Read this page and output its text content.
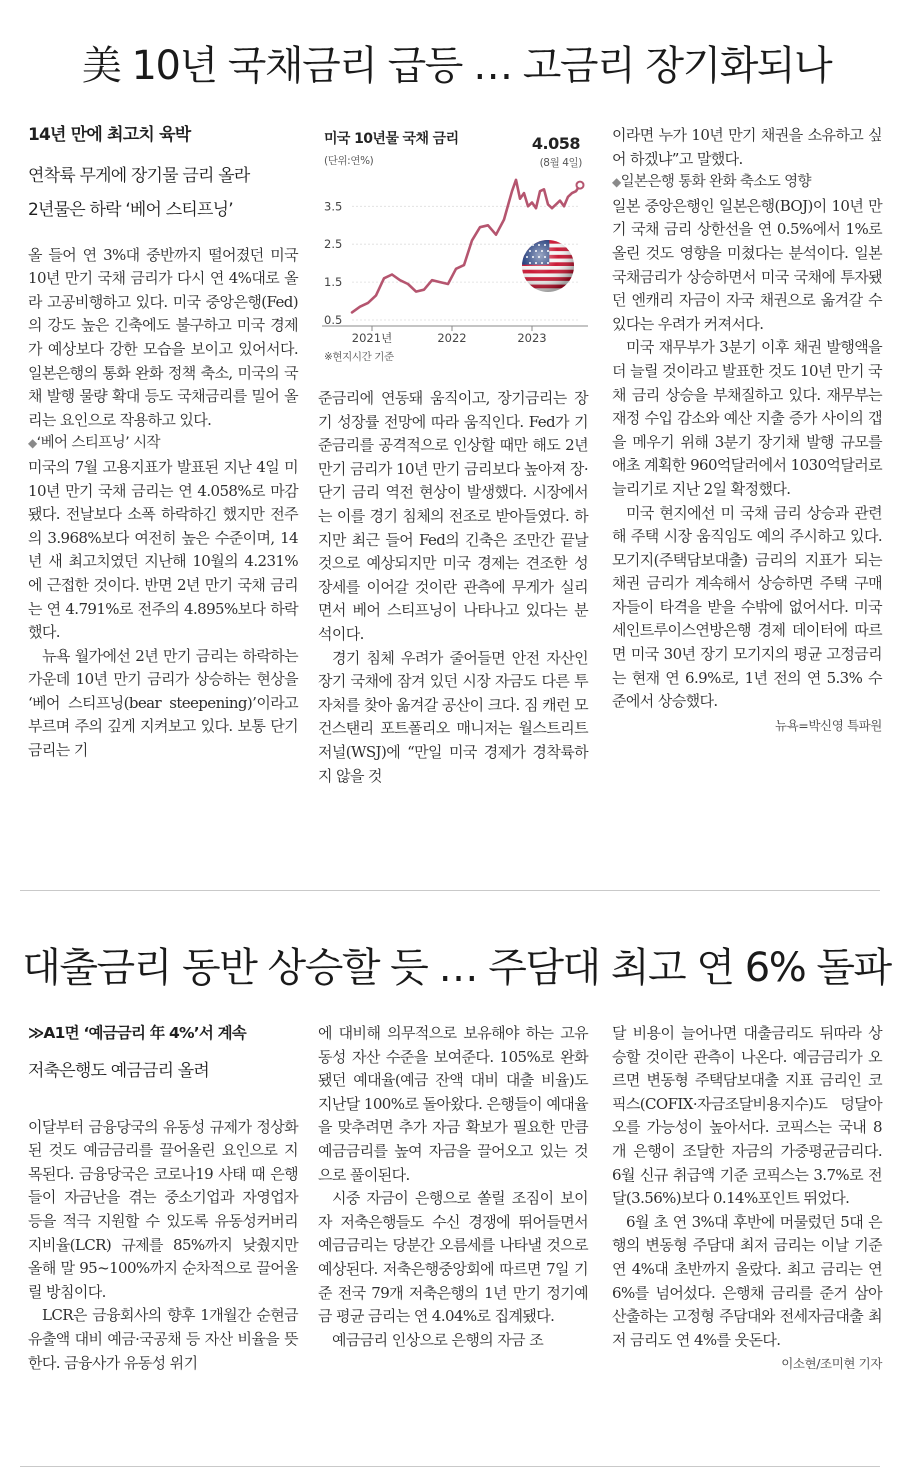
美 10년 국채금리 급등 … 고금리 장기화되나

14년 만에 최고치 육박

연착륙 무게에 장기물 금리 올라

2년물은 하락 ‘베어 스티프닝’

올 들어 연 3%대 중반까지 떨어졌던 미국 10년 만기 국채 금리가 다시 연 4%대로 올라 고공비행하고 있다. 미국 중앙은행(Fed)의 강도 높은 긴축에도 불구하고 미국 경제가 예상보다 강한 모습을 보이고 있어서다. 일본은행의 통화 완화 정책 축소, 미국의 국채 발행 물량 확대 등도 국채금리를 밀어 올리는 요인으로 작용하고 있다.

◆‘베어 스티프닝’ 시작

미국의 7월 고용지표가 발표된 지난 4일 미 10년 만기 국채 금리는 연 4.058%로 마감됐다. 전날보다 소폭 하락하긴 했지만 전주의 3.968%보다 여전히 높은 수준이며, 14년 새 최고치였던 지난해 10월의 4.231%에 근접한 것이다. 반면 2년 만기 국채 금리는 연 4.791%로 전주의 4.895%보다 하락했다.

뉴욕 월가에선 2년 만기 금리는 하락하는 가운데 10년 만기 금리가 상승하는 현상을 ‘베어 스티프닝(bear steepening)’이라고 부르며 주의 깊게 지켜보고 있다. 보통 단기금리는 기

0.5
1.5
2.5
3.5
2021년	2022	2023
미국 10년물 국채 금리
(단위:연%)
4.058
(8월 4일)
※현지시간 기준

준금리에 연동돼 움직이고, 장기금리는 장기 성장률 전망에 따라 움직인다. Fed가 기준금리를 공격적으로 인상할 때만 해도 2년 만기 금리가 10년 만기 금리보다 높아져 장·단기 금리 역전 현상이 발생했다. 시장에서는 이를 경기 침체의 전조로 받아들였다. 하지만 최근 들어 Fed의 긴축은 조만간 끝날 것으로 예상되지만 미국 경제는 견조한 성장세를 이어갈 것이란 관측에 무게가 실리면서 베어 스티프닝이 나타나고 있다는 분석이다.

경기 침체 우려가 줄어들면 안전 자산인 장기 국채에 잠겨 있던 시장 자금도 다른 투자처를 찾아 옮겨갈 공산이 크다. 짐 캐런 모건스탠리 포트폴리오 매니저는 월스트리트저널(WSJ)에 “만일 미국 경제가 경착륙하지 않을 것

이라면 누가 10년 만기 채권을 소유하고 싶어 하겠냐”고 말했다.

◆일본은행 통화 완화 축소도 영향

일본 중앙은행인 일본은행(BOJ)이 10년 만기 국채 금리 상한선을 연 0.5%에서 1%로 올린 것도 영향을 미쳤다는 분석이다. 일본 국채금리가 상승하면서 미국 국채에 투자됐던 엔캐리 자금이 자국 채권으로 옮겨갈 수 있다는 우려가 커져서다.

미국 재무부가 3분기 이후 채권 발행액을 더 늘릴 것이라고 발표한 것도 10년 만기 국채 금리 상승을 부채질하고 있다. 재무부는 재정 수입 감소와 예산 지출 증가 사이의 갭을 메우기 위해 3분기 장기채 발행 규모를 애초 계획한 960억달러에서 1030억달러로 늘리기로 지난 2일 확정했다.

미국 현지에선 미 국채 금리 상승과 관련해 주택 시장 움직임도 예의 주시하고 있다. 모기지(주택담보대출) 금리의 지표가 되는 채권 금리가 계속해서 상승하면 주택 구매자들이 타격을 받을 수밖에 없어서다. 미국 세인트루이스연방은행 경제 데이터에 따르면 미국 30년 장기 모기지의 평균 고정금리는 현재 연 6.9%로, 1년 전의 연 5.3% 수준에서 상승했다.

뉴욕=박신영 특파원
대출금리 동반 상승할 듯 … 주담대 최고 연 6% 돌파

≫A1면 ‘예금금리 年 4%’서 계속

저축은행도 예금금리 올려

이달부터 금융당국의 유동성 규제가 정상화된 것도 예금금리를 끌어올린 요인으로 지목된다. 금융당국은 코로나19 사태 때 은행들이 자금난을 겪는 중소기업과 자영업자 등을 적극 지원할 수 있도록 유동성커버리지비율(LCR) 규제를 85%까지 낮췄지만 올해 말 95~100%까지 순차적으로 끌어올릴 방침이다.

LCR은 금융회사의 향후 1개월간 순현금유출액 대비 예금·국공채 등 자산 비율을 뜻한다. 금융사가 유동성 위기

에 대비해 의무적으로 보유해야 하는 고유동성 자산 수준을 보여준다. 105%로 완화됐던 예대율(예금 잔액 대비 대출 비율)도 지난달 100%로 돌아왔다. 은행들이 예대율을 맞추려면 추가 자금 확보가 필요한 만큼 예금금리를 높여 자금을 끌어오고 있는 것으로 풀이된다.

시중 자금이 은행으로 쏠릴 조짐이 보이자 저축은행들도 수신 경쟁에 뛰어들면서 예금금리는 당분간 오름세를 나타낼 것으로 예상된다. 저축은행중앙회에 따르면 7일 기준 전국 79개 저축은행의 1년 만기 정기예금 평균 금리는 연 4.04%로 집계됐다.

예금금리 인상으로 은행의 자금 조

달 비용이 늘어나면 대출금리도 뒤따라 상승할 것이란 관측이 나온다. 예금금리가 오르면 변동형 주택담보대출 지표 금리인 코픽스(COFIX·자금조달비용지수)도 덩달아 오를 가능성이 높아서다. 코픽스는 국내 8개 은행이 조달한 자금의 가중평균금리다. 6월 신규 취급액 기준 코픽스는 3.7%로 전달(3.56%)보다 0.14%포인트 뛰었다.

6월 초 연 3%대 후반에 머물렀던 5대 은행의 변동형 주담대 최저 금리는 이날 기준 연 4%대 초반까지 올랐다. 최고 금리는 연 6%를 넘어섰다. 은행채 금리를 준거 삼아 산출하는 고정형 주담대와 전세자금대출 최저 금리도 연 4%를 웃돈다.

이소현/조미현 기자
